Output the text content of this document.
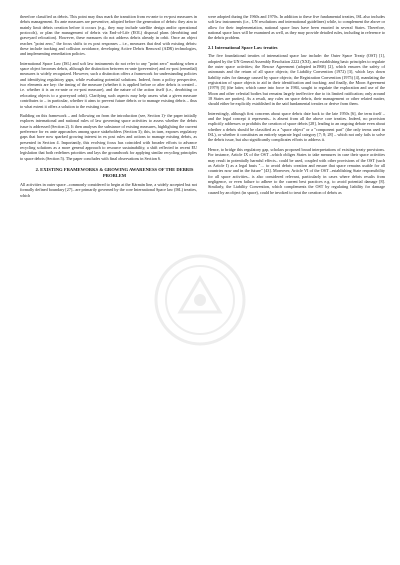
therefore classified as debris. This point may thus mark the transition from ex-ante to ex-post measures in debris management. Ex ante measures are preventive, adopted before the generation of debris: they aim to mainly limit debris creation before it occurs (e.g., they may include satellite design and/or operational protocols), or plan the management of debris via End-of-Life (EOL) disposal plans (deorbiting and graveyard relocation). However, these measures do not address debris already in orbit. Once an object reaches "point zero," the focus shifts to ex post responses – i.e., measures that deal with existing debris: these include tracking and collision avoidance, developing Active Debris Removal (ADR) technologies, and implementing remediation policies.

International Space Law (ISL) and soft law instruments do not refer to any "point zero" marking when a space object becomes debris, although the distinction between ex-ante (preventive) and ex-post (remedial) measures is widely recognized. However, such a distinction offers a framework for understanding policies and identifying regulatory gaps, while evaluating potential solutions. Indeed, from a policy perspective, two elements are key: the timing of the measure (whether it is applied before or after debris is created – i.e. whether it is an ex-ante or ex-post measure), and the nature of the action itself (i.e., deorbiting or relocating objects to a graveyard orbit). Clarifying such aspects may help assess what a given measure contributes to – in particular, whether it aims to prevent future debris or to manage existing debris – thus to what extent it offers a solution to the existing issue.

Building on this framework – and following on from the introduction (see, Section 1)- the paper initially explores international and national rules of law governing space activities to assess whether the debris issue is addressed (Section 2). It then analyses the substance of existing measures, highlighting the current preference for ex ante approaches among space stakeholders (Section 3); this, in turn, exposes regulatory gaps that have now sparked growing interest in ex post rules and actions to manage existing debris, as presented in Section 4. Importantly, this evolving focus has coincided with broader efforts to advance recycling solutions as a more general approach to resource sustainability, a shift reflected in recent EU legislation that both redefines priorities and lays the groundwork for applying similar recycling principles to space debris (Section 5). The paper concludes with final observations in Section 6.

2. EXISTING FRAMEWORKS & GROWING AWARENESS OF THE DEBRIS PROBLEM

All activities in outer space –commonly considered to begin at the Kármán line, a widely accepted but not formally defined boundary [27]– are primarily governed by the core International Space law (ISL) treaties, which

were adopted during the 1960s and 1970s. In addition to these five fundamental treaties, ISL also includes soft law instruments (i.e., UN resolutions and international guidelines) while, to complement the above or allow for their implementation, national space laws have been enacted in several States. Therefore, national space laws will be examined as well, as they may provide detailed rules, including in reference to the debris problem.

2.1 International Space Law treaties

The five foundational treaties of international space law include: the Outer Space Treaty (OST) [1], adopted by the UN General Assembly Resolution 2222 (XXI), and establishing basic principles to regulate the outer space activities; the Rescue Agreement (adopted in1968) [2], which ensures the safety of astronauts and the return of all space objects; the Liability Convention (1972) [3], which lays down liability rules for damage caused by space objects; the Registration Convention (1975) [4], mandating the registration of space objects to aid in their identification and tracking; and finally, the Moon Agreement (1979) [5] (the latter, which came into force in 1984, sought to regulate the exploration and use of the Moon and other celestial bodies but remains largely ineffective due to its limited ratification; only around 18 States are parties). As a result, any rules on space debris, their management or other related matter, should either be explicitly established in the said fundamental treaties or derive from them.

Interestingly, although first concerns about space debris date back to the late 1950s [6], the term itself –and the legal concept it represents– is absent from all the above core treaties. Indeed, no provision explicitly addresses or prohibits the creation of space debris [28], leading to an ongoing debate even about whether a debris should be classified as a "space object" or a "component part" (the only terms used in ISL), or whether it constitutes an entirely separate legal category [7; 8; 28] – which not only fails to solve the debris issue, but also significantly complicates efforts to address it.

Hence, to bridge this regulatory gap, scholars proposed broad interpretations of existing treaty provisions. For instance, Article IX of the OST –which obliges States to take measures in case their space activities may result in potentially harmful effects– could be used, coupled with other provisions of the OST (such as Article I) as a legal basis "… to avoid debris creation and ensure that space remains usable for all countries now and in the future" [43]. Moreover, Article VI of the OST –establishing State responsibility for all space activities– is also considered relevant, particularly in cases where debris results from negligence, or even failure to adhere to the current best practices e.g. to avoid potential damage [8]. Similarly, the Liability Convention, which complements the OST by regulating liability for damage caused by an object (in space), could be invoked to treat the creation of debris as
